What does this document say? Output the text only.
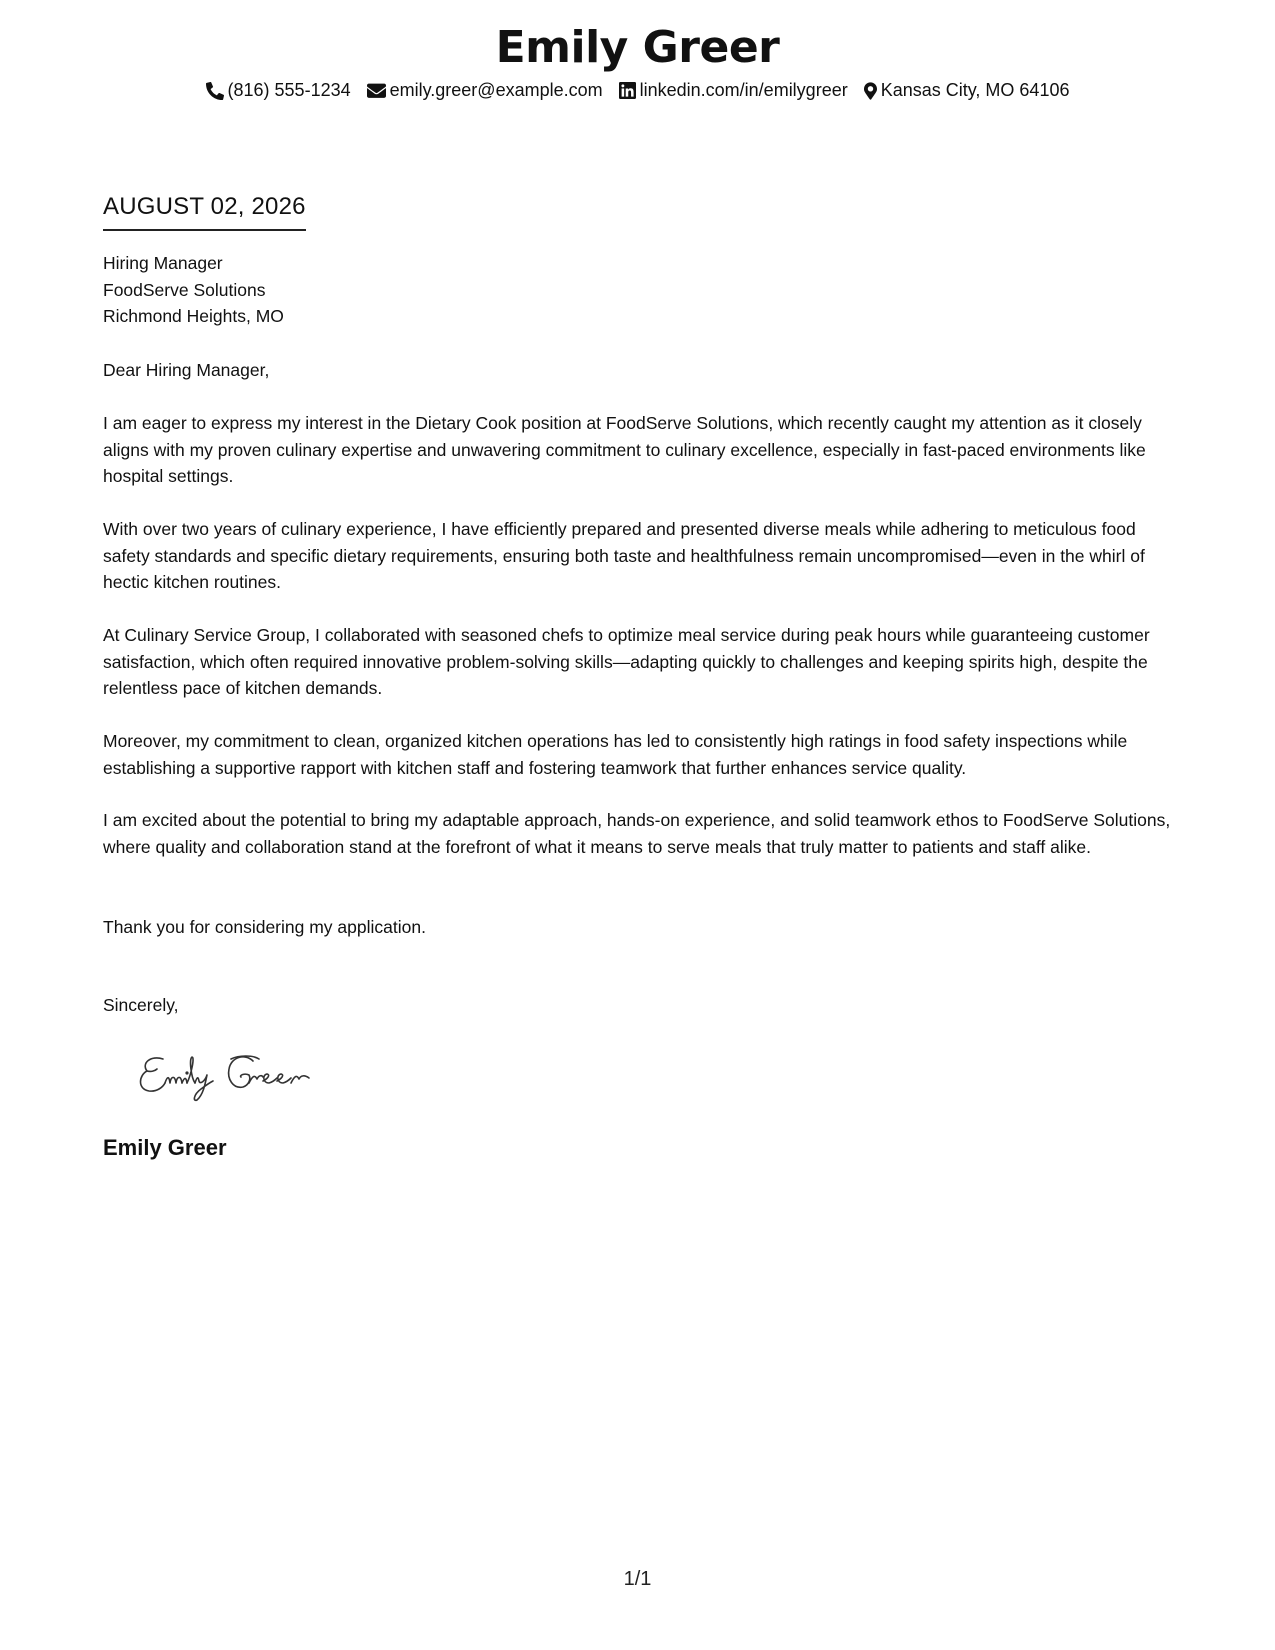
Emily Greer
(816) 555-1234 emily.greer@example.com linkedin.com/in/emilygreer Kansas City, MO 64106
AUGUST 02, 2026
Hiring Manager
FoodServe Solutions
Richmond Heights, MO
Dear Hiring Manager,

I am eager to express my interest in the Dietary Cook position at FoodServe Solutions, which recently caught my attention as it closely aligns with my proven culinary expertise and unwavering commitment to culinary excellence, especially in fast-paced environments like hospital settings.

With over two years of culinary experience, I have efficiently prepared and presented diverse meals while adhering to meticulous food safety standards and specific dietary requirements, ensuring both taste and healthfulness remain uncompromised—even in the whirl of hectic kitchen routines.

At Culinary Service Group, I collaborated with seasoned chefs to optimize meal service during peak hours while guaranteeing customer satisfaction, which often required innovative problem-solving skills—adapting quickly to challenges and keeping spirits high, despite the relentless pace of kitchen demands.

Moreover, my commitment to clean, organized kitchen operations has led to consistently high ratings in food safety inspections while establishing a supportive rapport with kitchen staff and fostering teamwork that further enhances service quality.

I am excited about the potential to bring my adaptable approach, hands-on experience, and solid teamwork ethos to FoodServe Solutions, where quality and collaboration stand at the forefront of what it means to serve meals that truly matter to patients and staff alike.

Thank you for considering my application.

Sincerely,
Emily Greer
1/1
